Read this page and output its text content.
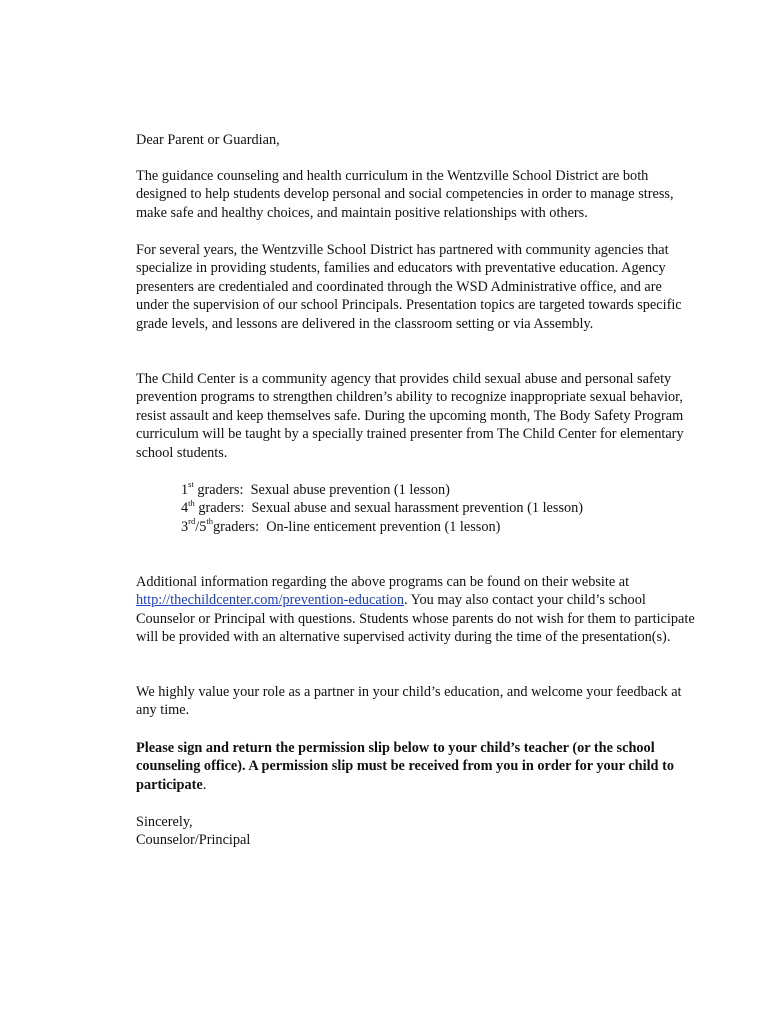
Dear Parent or Guardian,

The guidance counseling and health curriculum in the Wentzville School District are both designed to help students develop personal and social competencies in order to manage stress, make safe and healthy choices, and maintain positive relationships with others.

For several years, the Wentzville School District has partnered with community agencies that specialize in providing students, families and educators with preventative education. Agency presenters are credentialed and coordinated through the WSD Administrative office, and are under the supervision of our school Principals. Presentation topics are targeted towards specific grade levels, and lessons are delivered in the classroom setting or via Assembly.

The Child Center is a community agency that provides child sexual abuse and personal safety prevention programs to strengthen children’s ability to recognize inappropriate sexual behavior, resist assault and keep themselves safe. During the upcoming month, The Body Safety Program curriculum will be taught by a specially trained presenter from The Child Center for elementary school students.

1st graders:  Sexual abuse prevention (1 lesson)
4th graders:  Sexual abuse and sexual harassment prevention (1 lesson)
3rd/5thgraders:  On-line enticement prevention (1 lesson)

Additional information regarding the above programs can be found on their website at http://thechildcenter.com/prevention-education. You may also contact your child’s school Counselor or Principal with questions. Students whose parents do not wish for them to participate will be provided with an alternative supervised activity during the time of the presentation(s).

We highly value your role as a partner in your child’s education, and welcome your feedback at any time.

Please sign and return the permission slip below to your child’s teacher (or the school counseling office). A permission slip must be received from you in order for your child to participate.

Sincerely,

Counselor/Principal
